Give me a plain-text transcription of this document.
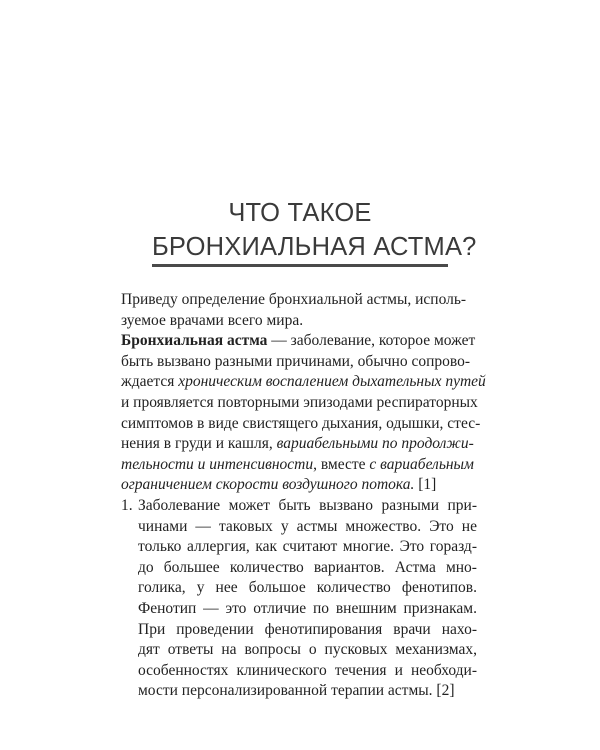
ЧТО ТАКОЕ
БРОНХИАЛЬНАЯ АСТМА?
Приведу определение бронхиальной астмы, исполь-
зуемое врачами всего мира.
Бронхиальная астма — заболевание, которое может
быть вызвано разными причинами, обычно сопрово-
ждается хроническим воспалением дыхательных путей
и проявляется повторными эпизодами респираторных
симптомов в виде свистящего дыхания, одышки, стес-
нения в груди и кашля, вариабельными по продолжи-
тельности и интенсивности, вместе с вариабельным
ограничением скорости воздушного потока. [1]
1. Заболевание может быть вызвано разными при-
чинами — таковых у астмы множество. Это не
только аллергия, как считают многие. Это горазд-
до большее количество вариантов. Астма мно-
голика, у нее большое количество фенотипов.
Фенотип — это отличие по внешним признакам.
При проведении фенотипирования врачи нахо-
дят ответы на вопросы о пусковых механизмах,
особенностях клинического течения и необходи-
мости персонализированной терапии астмы. [2]
